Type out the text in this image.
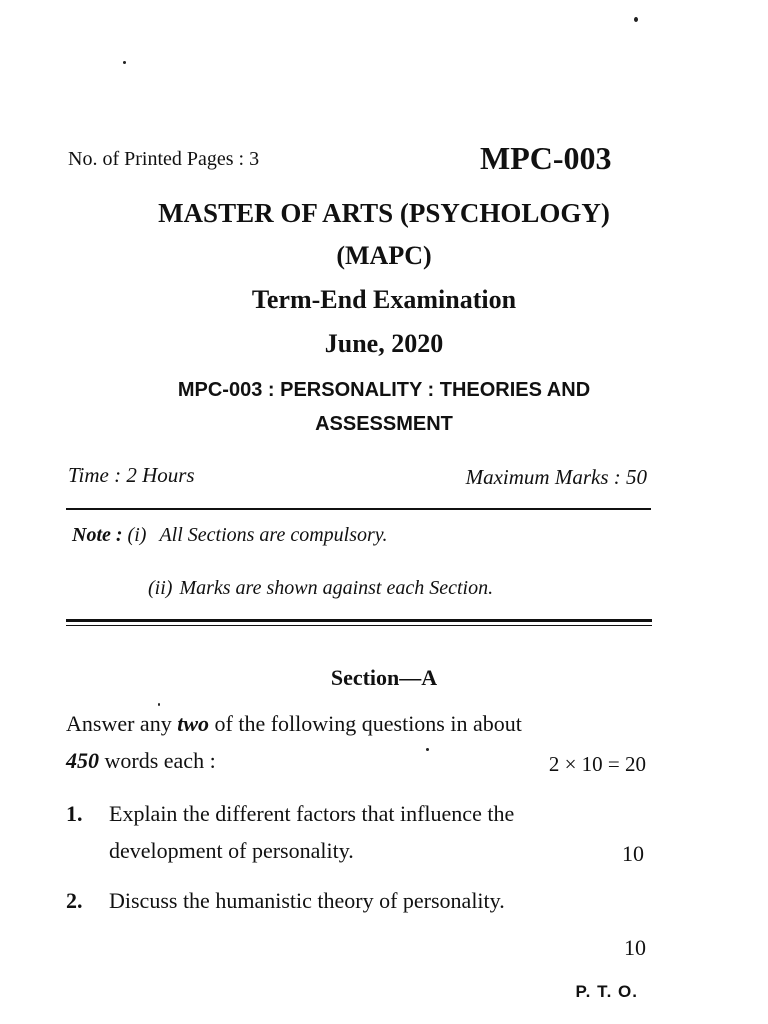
No. of Printed Pages : 3	MPC-003
MASTER OF ARTS (PSYCHOLOGY)
(MAPC)
Term-End Examination
June, 2020
MPC-003 : PERSONALITY : THEORIES AND
ASSESSMENT
Time : 2 Hours	Maximum Marks : 50
Note : (i) All Sections are compulsory.
(ii) Marks are shown against each Section.
Section—A
Answer any two of the following questions in about
450 words each :	2 × 10 = 20
1. Explain the different factors that influence the
development of personality.	10
2. Discuss the humanistic theory of personality.
10
P. T. O.
